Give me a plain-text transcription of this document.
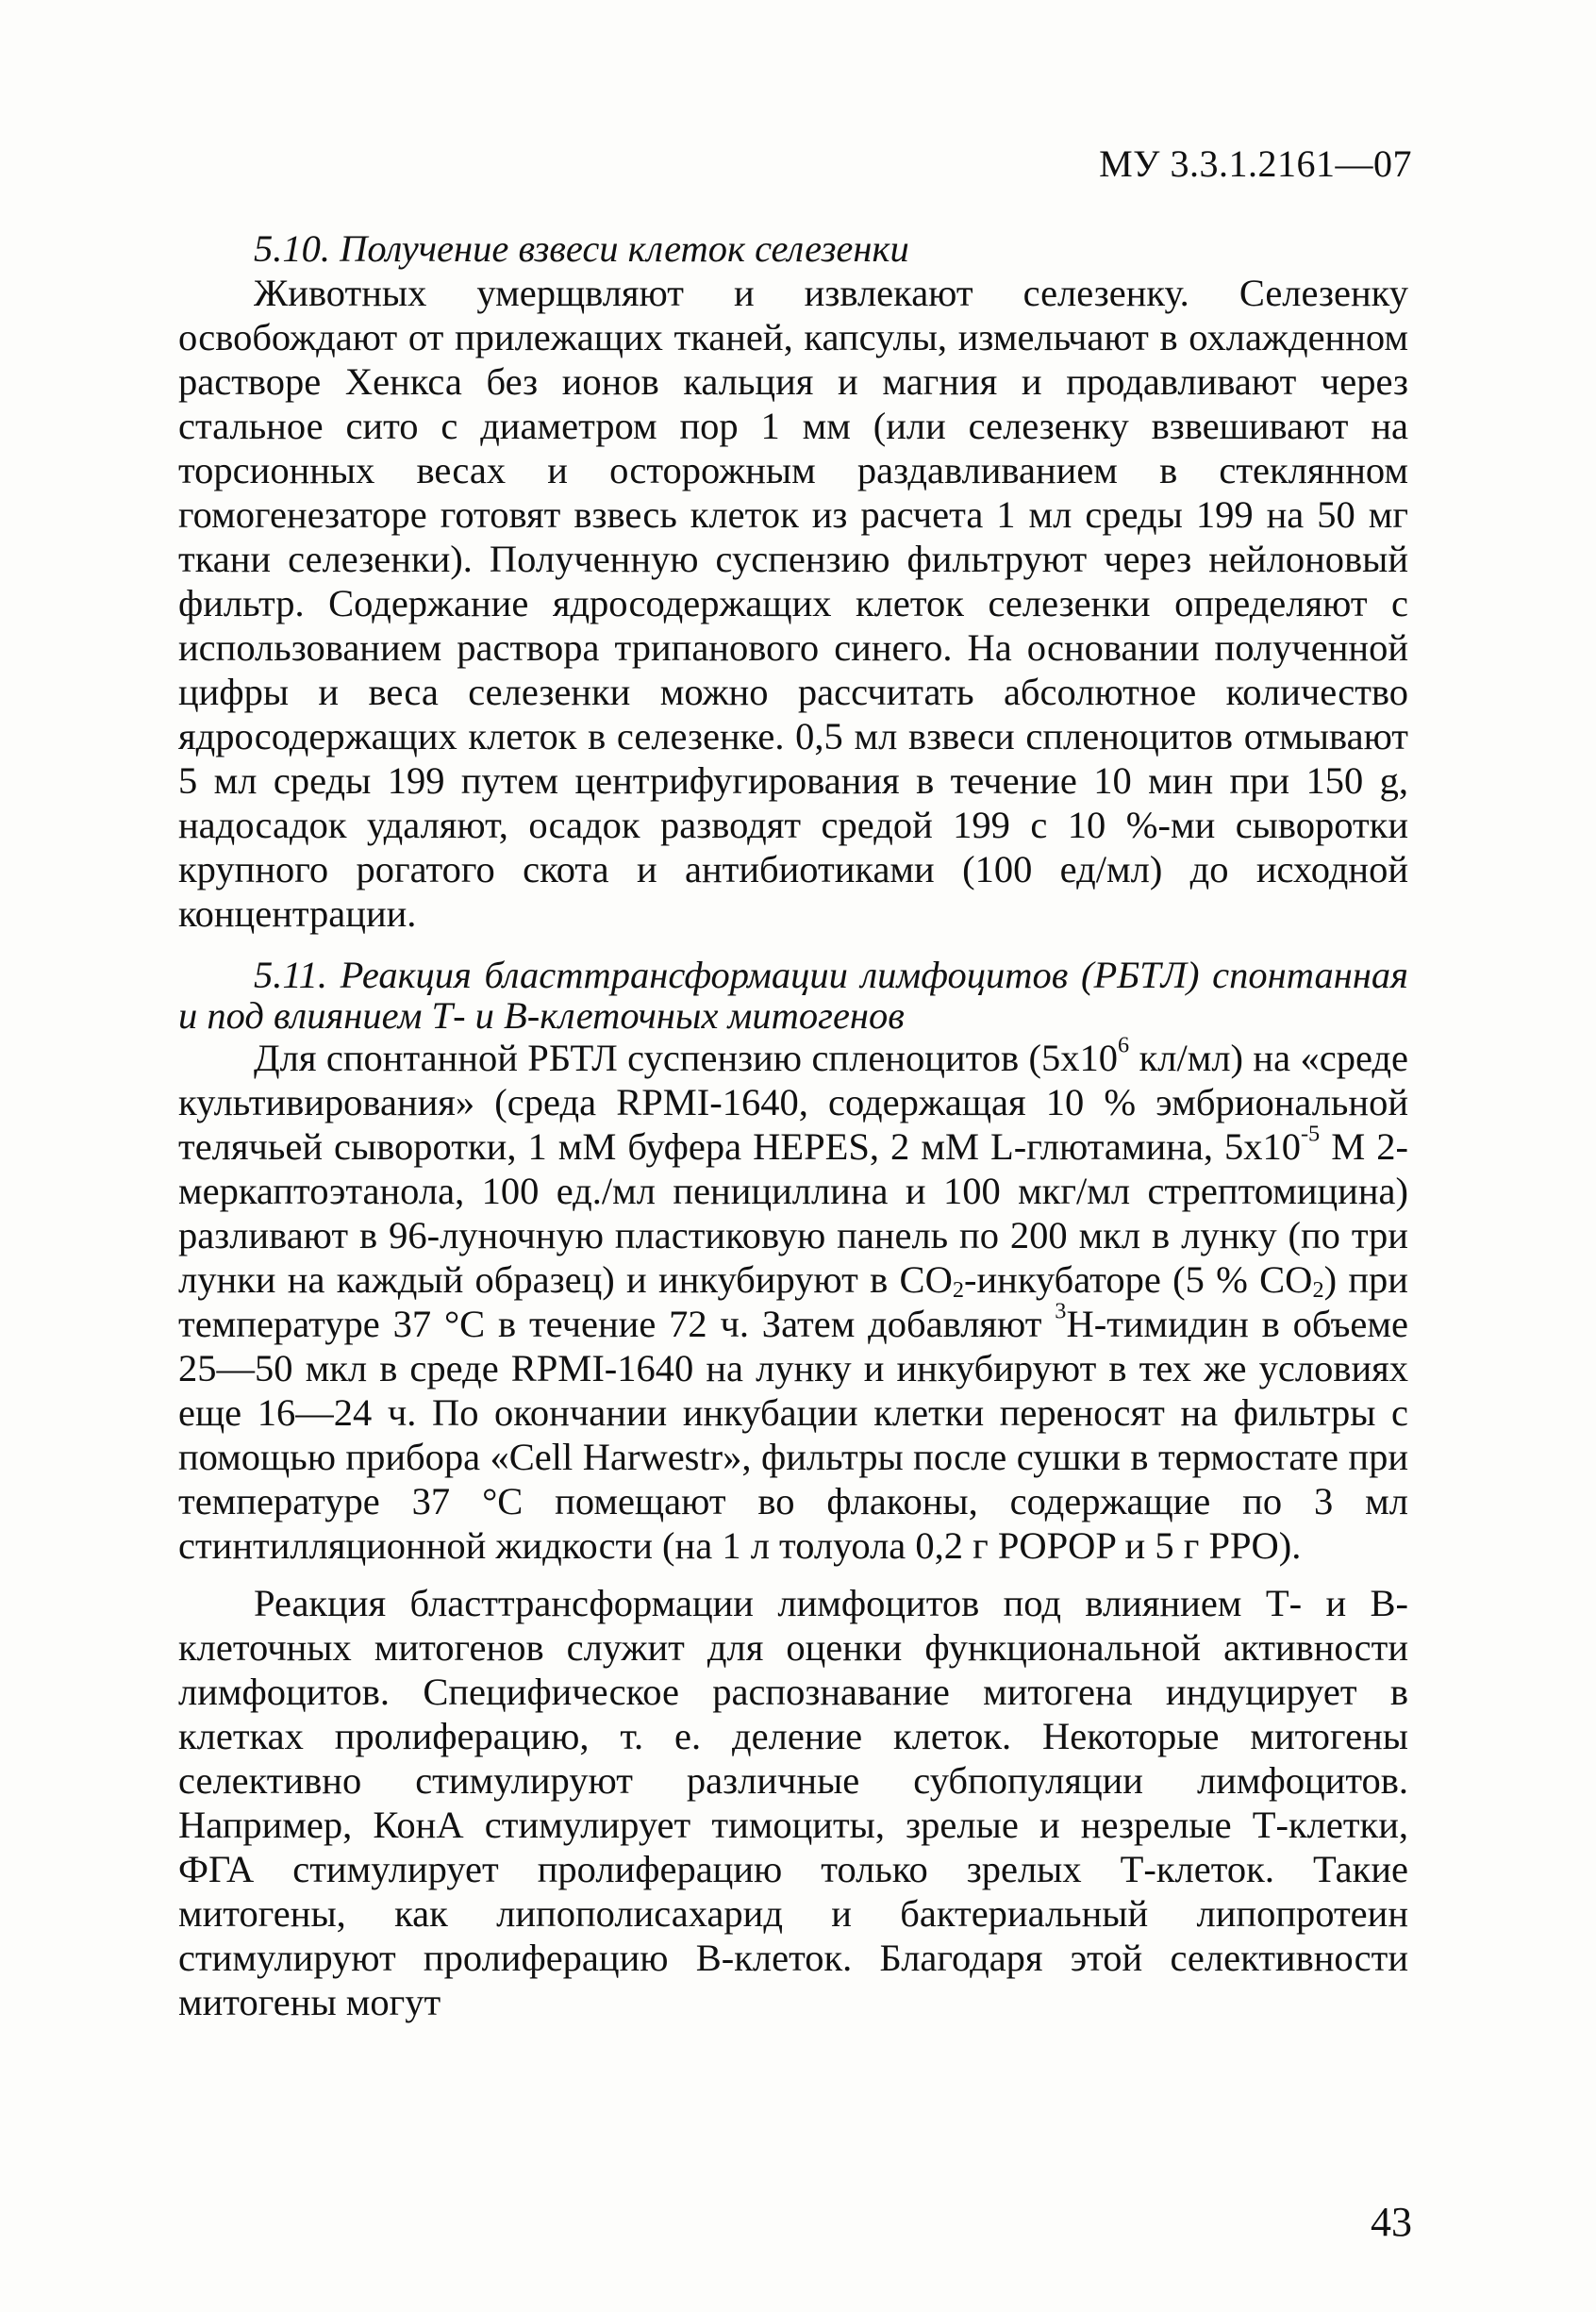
МУ 3.3.1.2161—07

5.10. Получение взвеси клеток селезенки

Животных умерщвляют и извлекают селезенку. Селезенку освобождают от прилежащих тканей, капсулы, измельчают в охлажденном растворе Хенкса без ионов кальция и магния и продавливают через стальное сито с диаметром пор 1 мм (или селезенку взвешивают на торсионных весах и осторожным раздавливанием в стеклянном гомогенезаторе готовят взвесь клеток из расчета 1 мл среды 199 на 50 мг ткани селезенки). Полученную суспензию фильтруют через нейлоновый фильтр. Содержание ядросодержащих клеток селезенки определяют с использованием раствора трипанового синего. На основании полученной цифры и веса селезенки можно рассчитать абсолютное количество ядросодержащих клеток в селезенке. 0,5 мл взвеси спленоцитов отмывают 5 мл среды 199 путем центрифугирования в течение 10 мин при 150 g, надосадок удаляют, осадок разводят средой 199 с 10 %-ми сыворотки крупного рогатого скота и антибиотиками (100 ед/мл) до исходной концентрации.

5.11. Реакция бласттрансформации лимфоцитов (РБТЛ) спонтанная и под влиянием Т- и В-клеточных митогенов

Для спонтанной РБТЛ суспензию спленоцитов ($5х10^6$ кл/мл) на «среде культивирования» (среда RPMI-1640, содержащая 10 % эмбриональной телячьей сыворотки, 1 мМ буфера HEPES, 2 мМ L-глютамина, $5х10^{-5}$ М 2-меркаптоэтанола, 100 ед./мл пенициллина и 100 мкг/мл стрептомицина) разливают в 96-луночную пластиковую панель по 200 мкл в лунку (по три лунки на каждый образец) и инкубируют в $СО_2$-инкубаторе (5 % $СО_2$) при температуре 37 °С в течение 72 ч. Затем добавляют $^3$Н-тимидин в объеме 25—50 мкл в среде RPMI-1640 на лунку и инкубируют в тех же условиях еще 16—24 ч. По окончании инкубации клетки переносят на фильтры с помощью прибора «Cell Harwestr», фильтры после сушки в термостате при температуре 37 °С помещают во флаконы, содержащие по 3 мл стинтилляционной жидкости (на 1 л толуола 0,2 г POPOP и 5 г PPO).

Реакция бласттрансформации лимфоцитов под влиянием Т- и В-клеточных митогенов служит для оценки функциональной активности лимфоцитов. Специфическое распознавание митогена индуцирует в клетках пролиферацию, т. е. деление клеток. Некоторые митогены селективно стимулируют различные субпопуляции лимфоцитов. Например, КонА стимулирует тимоциты, зрелые и незрелые Т-клетки, ФГА стимулирует пролиферацию только зрелых Т-клеток. Такие митогены, как липополисахарид и бактериальный липопротеин стимулируют пролиферацию В-клеток. Благодаря этой селективности митогены могут

43
